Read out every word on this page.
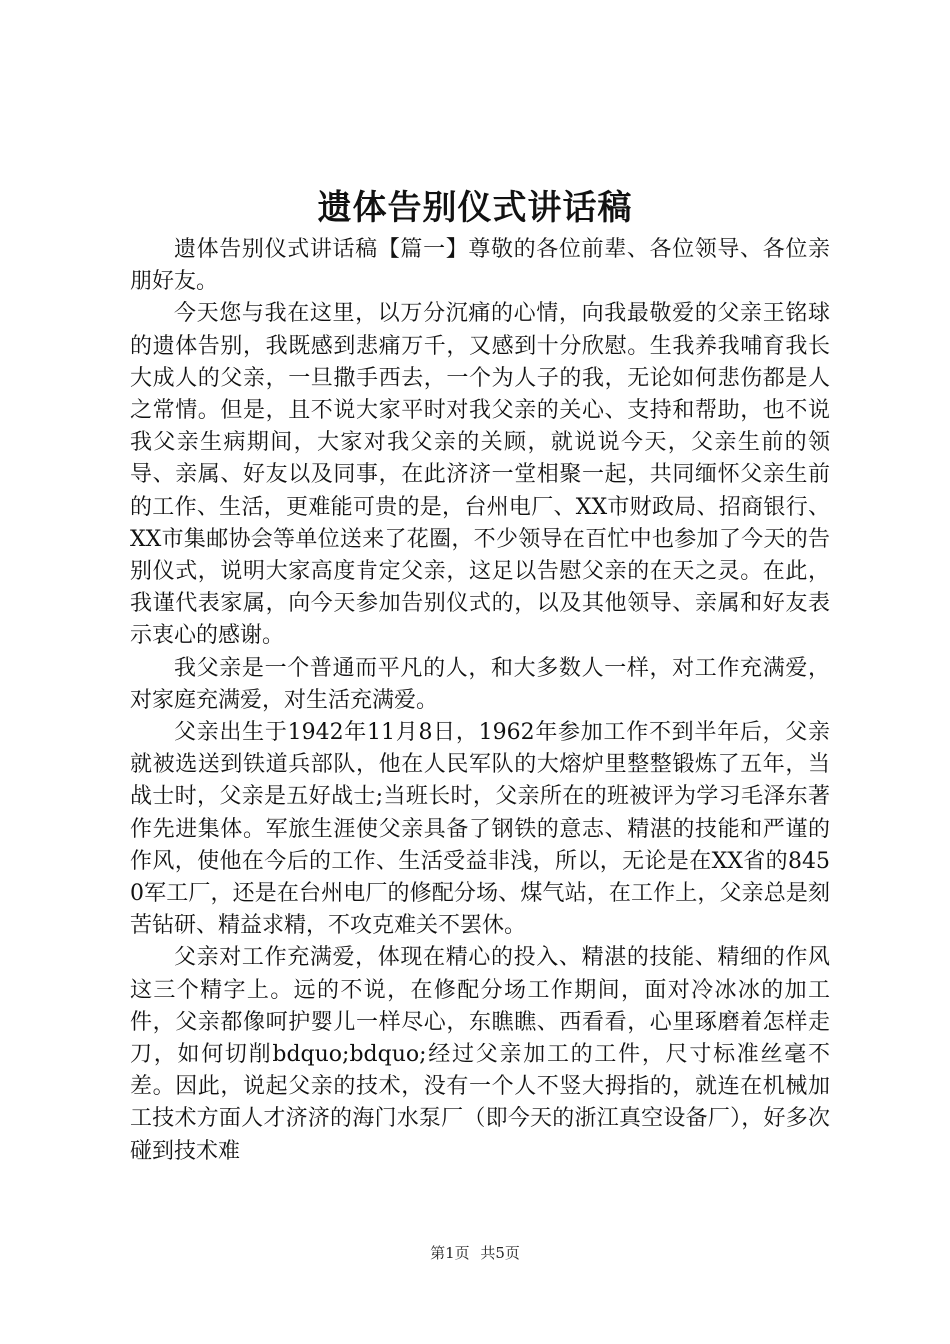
遗体告别仪式讲话稿

遗体告别仪式讲话稿【篇一】尊敬的各位前辈、各位领导、各位亲朋好友。

今天您与我在这里，以万分沉痛的心情，向我最敬爱的父亲王铭球的遗体告别，我既感到悲痛万千，又感到十分欣慰。生我养我哺育我长大成人的父亲，一旦撒手西去，一个为人子的我，无论如何悲伤都是人之常情。但是，且不说大家平时对我父亲的关心、支持和帮助，也不说我父亲生病期间，大家对我父亲的关顾，就说说今天，父亲生前的领导、亲属、好友以及同事，在此济济一堂相聚一起，共同缅怀父亲生前的工作、生活，更难能可贵的是，台州电厂、XX市财政局、招商银行、XX市集邮协会等单位送来了花圈，不少领导在百忙中也参加了今天的告别仪式，说明大家高度肯定父亲，这足以告慰父亲的在天之灵。在此，我谨代表家属，向今天参加告别仪式的，以及其他领导、亲属和好友表示衷心的感谢。

我父亲是一个普通而平凡的人，和大多数人一样，对工作充满爱，对家庭充满爱，对生活充满爱。

父亲出生于1942年11月8日，1962年参加工作不到半年后，父亲就被选送到铁道兵部队，他在人民军队的大熔炉里整整锻炼了五年，当战士时，父亲是五好战士;当班长时，父亲所在的班被评为学习毛泽东著作先进集体。军旅生涯使父亲具备了钢铁的意志、精湛的技能和严谨的作风，使他在今后的工作、生活受益非浅，所以，无论是在XX省的8450军工厂，还是在台州电厂的修配分场、煤气站，在工作上，父亲总是刻苦钻研、精益求精，不攻克难关不罢休。

父亲对工作充满爱，体现在精心的投入、精湛的技能、精细的作风这三个精字上。远的不说，在修配分场工作期间，面对冷冰冰的加工件，父亲都像呵护婴儿一样尽心，东瞧瞧、西看看，心里琢磨着怎样走刀，如何切削bdquo;bdquo;经过父亲加工的工件，尺寸标准丝毫不差。因此，说起父亲的技术，没有一个人不竖大拇指的，就连在机械加工技术方面人才济济的海门水泵厂（即今天的浙江真空设备厂），好多次碰到技术难

第1页 共5页
